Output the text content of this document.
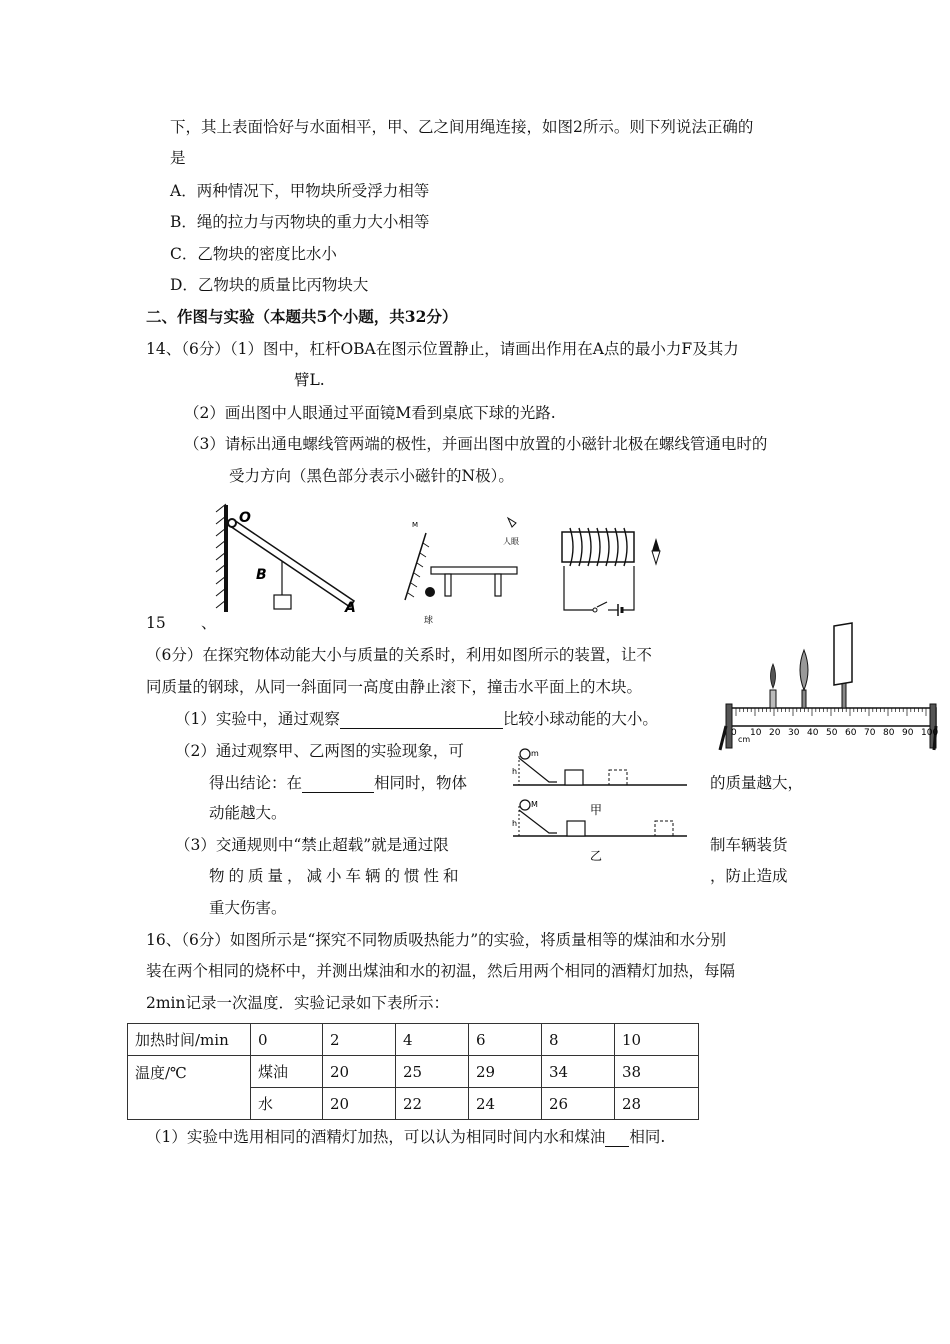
下，其上表面恰好与水面相平，甲、乙之间用绳连接，如图2所示。则下列说法正确的
是
A．两种情况下，甲物块所受浮力相等
B．绳的拉力与丙物块的重力大小相等
C．乙物块的密度比水小
D．乙物块的质量比丙物块大
二、作图与实验（本题共5个小题，共32分）
14、（6分）（1）图中，杠杆OBA在图示位置静止，请画出作用在A点的最小力F及其力
臂L.
（2）画出图中人眼通过平面镜M看到桌底下球的光路.
（3）请标出通电螺线管两端的极性，并画出图中放置的小磁针北极在螺线管通电时的
受力方向（黑色部分表示小磁针的N极）。
O
B
A
M
球
人眼
15 、
（6分）在探究物体动能大小与质量的关系时，利用如图所示的装置，让不
同质量的钢球，从同一斜面同一高度由静止滚下，撞击水平面上的木块。
（1）实验中，通过观察	比较小球动能的大小。
（2）通过观察甲、乙两图的实验现象，可
得出结论：在	相同时，物体	的质量越大，
动能越大。
（3）交通规则中“禁止超载”就是通过限	制车辆装货
物的质量，减小车辆的惯性和	，防止造成
重大伤害。
0 10 20 30 40 50 60 70 80 90 100
cm
m
h
甲
M
h
乙
16、（6分）如图所示是“探究不同物质吸热能力”的实验，将质量相等的煤油和水分别
装在两个相同的烧杯中，并测出煤油和水的初温，然后用两个相同的酒精灯加热，每隔
2min记录一次温度．实验记录如下表所示：
加热时间/min	0	2	4	6	8	10
温度/℃	煤油	20	25	29	34	38
	水	20	22	24	26	28
（1）实验中选用相同的酒精灯加热，可以认为相同时间内水和煤油 相同.
